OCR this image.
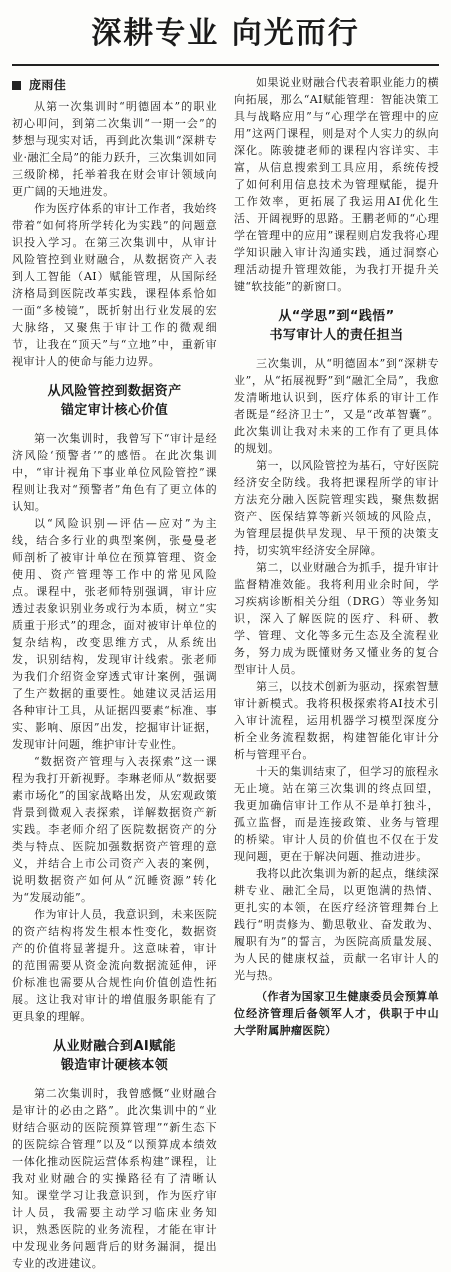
深耕专业 向光而行
庞雨佳

从第一次集训时“明德固本”的职业初心叩问，到第二次集训“一期一会”的梦想与现实对话，再到此次集训“深耕专业·融汇全局”的能力跃升，三次集训如同三级阶梯，托举着我在财会审计领域向更广阔的天地进发。

作为医疗体系的审计工作者，我始终带着“如何将所学转化为实践”的问题意识投入学习。在第三次集训中，从审计风险管控到业财融合，从数据资产入表到人工智能（AI）赋能管理，从国际经济格局到医院改革实践，课程体系恰如一面“多棱镜”，既折射出行业发展的宏大脉络，又聚焦于审计工作的微观细节，让我在“顶天”与“立地”中，重新审视审计人的使命与能力边界。

从风险管控到数据资产
锚定审计核心价值

第一次集训时，我曾写下“审计是经济风险‘预警者’”的感悟。在此次集训中，“审计视角下事业单位风险管控”课程则让我对“预警者”角色有了更立体的认知。

以“风险识别—评估—应对”为主线，结合多行业的典型案例，张曼曼老师剖析了被审计单位在预算管理、资金使用、资产管理等工作中的常见风险点。课程中，张老师特别强调，审计应透过表象识别业务或行为本质，树立“实质重于形式”的理念，面对被审计单位的复杂结构，改变思维方式，从系统出发，识别结构，发现审计线索。张老师为我们介绍资金穿透式审计案例，强调了生产数据的重要性。她建议灵活运用各种审计工具，从证据四要素“标准、事实、影响、原因”出发，挖掘审计证据，发现审计问题，维护审计专业性。

“数据资产管理与入表探索”这一课程为我打开新视野。李琳老师从“数据要素市场化”的国家战略出发，从宏观政策背景到微观入表探索，详解数据资产新实践。李老师介绍了医院数据资产的分类与特点、医院加强数据资产管理的意义，并结合上市公司资产入表的案例，说明数据资产如何从“沉睡资源”转化为“发展动能”。

作为审计人员，我意识到，未来医院的资产结构将发生根本性变化，数据资产的价值将显著提升。这意味着，审计的范围需要从资金流向数据流延伸，评价标准也需要从合规性向价值创造性拓展。这让我对审计的增值服务职能有了更具象的理解。

从业财融合到AI赋能
锻造审计硬核本领

第二次集训时，我曾感慨“业财融合是审计的必由之路”。此次集训中的“业财结合驱动的医院预算管理”“新生态下的医院综合管理”以及“以预算成本绩效一体化推动医院运营体系构建”课程，让我对业财融合的实操路径有了清晰认知。课堂学习让我意识到，作为医疗审计人员，我需要主动学习临床业务知识，熟悉医院的业务流程，才能在审计中发现业务问题背后的财务漏洞，提出专业的改进建议。

如果说业财融合代表着职业能力的横向拓展，那么“AI赋能管理：智能决策工具与战略应用”与“心理学在管理中的应用”这两门课程，则是对个人实力的纵向深化。陈骏捷老师的课程内容详实、丰富，从信息搜索到工具应用，系统传授了如何利用信息技术为管理赋能，提升工作效率，更拓展了我运用AI优化生活、开阔视野的思路。王鹏老师的“心理学在管理中的应用”课程则启发我将心理学知识融入审计沟通实践，通过洞察心理活动提升管理效能，为我打开提升关键“软技能”的新窗口。

从“学思”到“践悟”
书写审计人的责任担当

三次集训，从“明德固本”到“深耕专业”，从“拓展视野”到“融汇全局”，我愈发清晰地认识到，医疗体系的审计工作者既是“经济卫士”，又是“改革智囊”。此次集训让我对未来的工作有了更具体的规划。

第一，以风险管控为基石，守好医院经济安全防线。我将把课程所学的审计方法充分融入医院管理实践，聚焦数据资产、医保结算等新兴领域的风险点，为管理层提供早发现、早干预的决策支持，切实筑牢经济安全屏障。

第二，以业财融合为抓手，提升审计监督精准效能。我将利用业余时间，学习疾病诊断相关分组（DRG）等业务知识，深入了解医院的医疗、科研、教学、管理、文化等多元生态及全流程业务，努力成为既懂财务又懂业务的复合型审计人员。

第三，以技术创新为驱动，探索智慧审计新模式。我将积极探索将AI技术引入审计流程，运用机器学习模型深度分析全业务流程数据，构建智能化审计分析与管理平台。

十天的集训结束了，但学习的旅程永无止境。站在第三次集训的终点回望，我更加确信审计工作从不是单打独斗，孤立监督，而是连接政策、业务与管理的桥梁。审计人员的价值也不仅在于发现问题，更在于解决问题、推动进步。

我将以此次集训为新的起点，继续深耕专业、融汇全局，以更饱满的热情、更扎实的本领，在医疗经济管理舞台上践行“明责修为、勤思敬业、奋发敢为、履职有为”的誓言，为医院高质量发展、为人民的健康权益，贡献一名审计人的光与热。

（作者为国家卫生健康委员会预算单位经济管理后备领军人才，供职于中山大学附属肿瘤医院）
